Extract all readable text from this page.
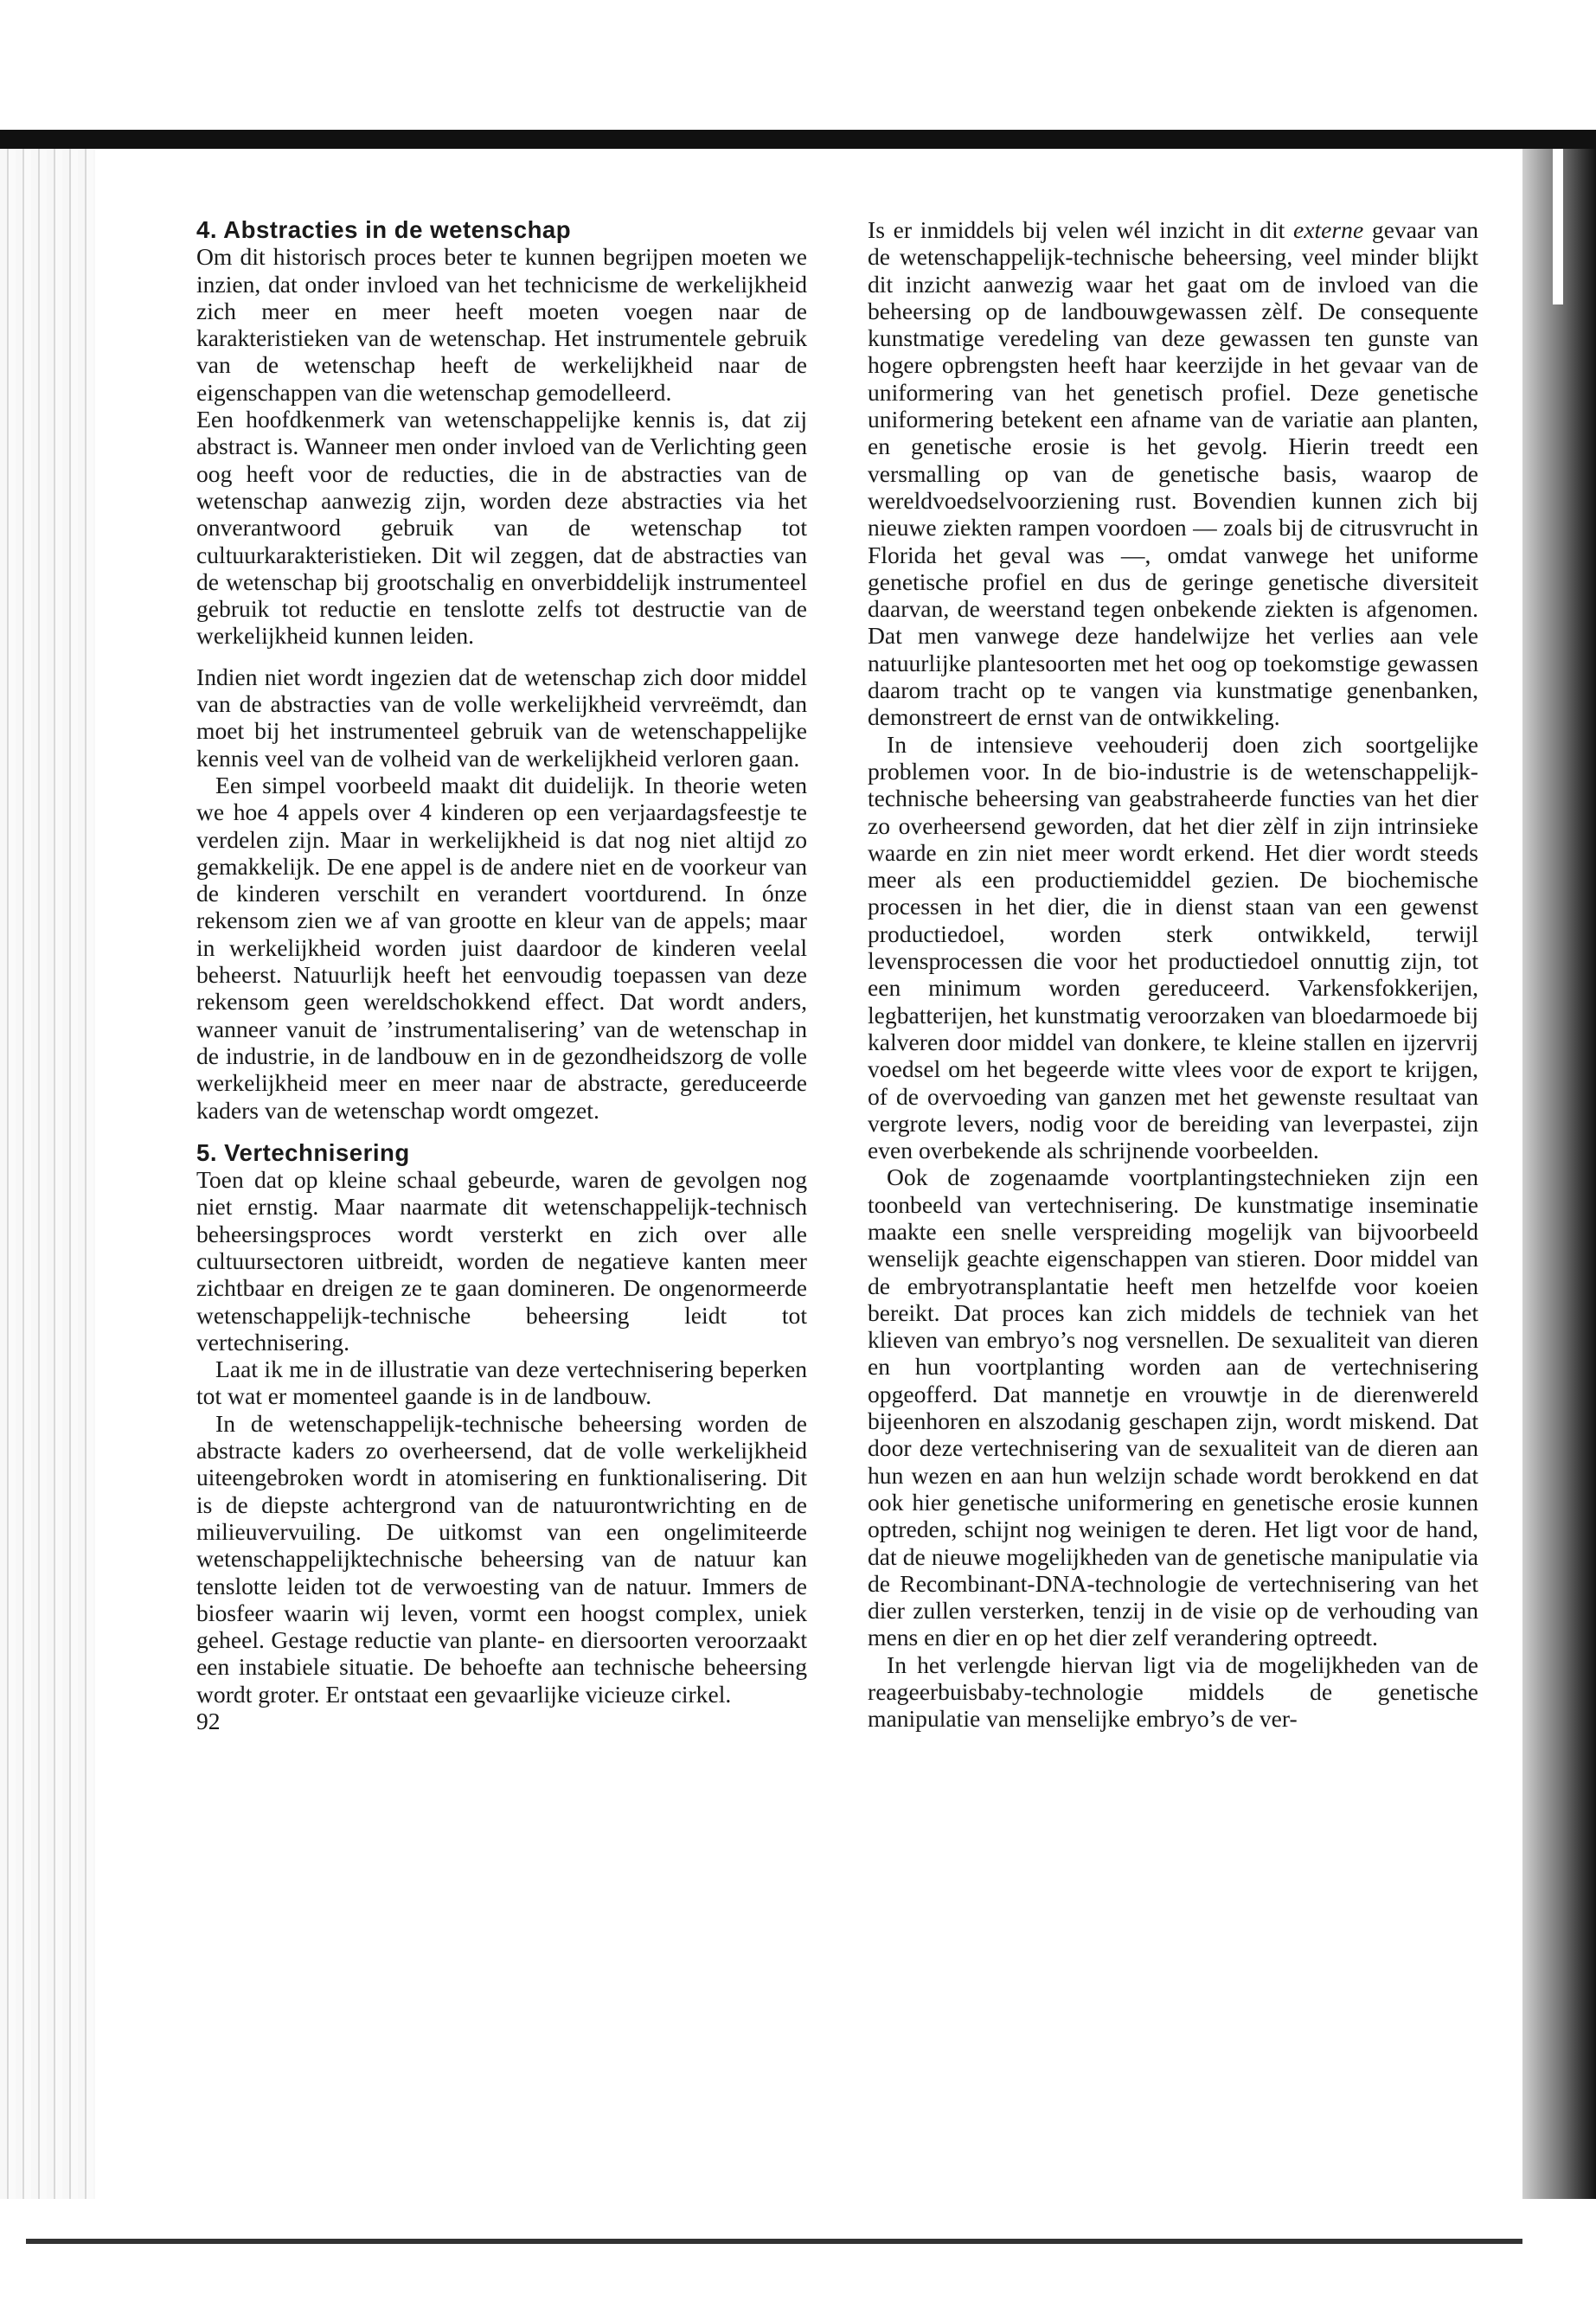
4. Abstracties in de wetenschap

Om dit historisch proces beter te kunnen begrijpen moeten we inzien, dat onder invloed van het technicisme de werkelijkheid zich meer en meer heeft moeten voegen naar de karakteristieken van de wetenschap. Het instrumentele gebruik van de wetenschap heeft de werkelijkheid naar de eigenschappen van die wetenschap gemodelleerd.

Een hoofdkenmerk van wetenschappelijke kennis is, dat zij abstract is. Wanneer men onder invloed van de Verlichting geen oog heeft voor de reducties, die in de abstracties van de wetenschap aanwezig zijn, worden deze abstracties via het onverantwoord gebruik van de wetenschap tot cultuurkarakteristieken. Dit wil zeggen, dat de abstracties van de wetenschap bij grootschalig en onverbiddelijk instrumenteel gebruik tot reductie en tenslotte zelfs tot destructie van de werkelijkheid kunnen leiden.

Indien niet wordt ingezien dat de wetenschap zich door middel van de abstracties van de volle werkelijkheid vervreëmdt, dan moet bij het instrumenteel gebruik van de wetenschappelijke kennis veel van de volheid van de werkelijkheid verloren gaan.

Een simpel voorbeeld maakt dit duidelijk. In theorie weten we hoe 4 appels over 4 kinderen op een verjaardagsfeestje te verdelen zijn. Maar in werkelijkheid is dat nog niet altijd zo gemakkelijk. De ene appel is de andere niet en de voorkeur van de kinderen verschilt en verandert voortdurend. In ónze rekensom zien we af van grootte en kleur van de appels; maar in werkelijkheid worden juist daardoor de kinderen veelal beheerst. Natuurlijk heeft het eenvoudig toepassen van deze rekensom geen wereldschokkend effect. Dat wordt anders, wanneer vanuit de ’instrumentalisering’ van de wetenschap in de industrie, in de landbouw en in de gezondheidszorg de volle werkelijkheid meer en meer naar de abstracte, gereduceerde kaders van de wetenschap wordt omgezet.

5. Vertechnisering

Toen dat op kleine schaal gebeurde, waren de gevolgen nog niet ernstig. Maar naarmate dit wetenschappelijk-technisch beheersingsproces wordt versterkt en zich over alle cultuursectoren uitbreidt, worden de negatieve kanten meer zichtbaar en dreigen ze te gaan domineren. De ongenormeerde wetenschappelijk-technische beheersing leidt tot vertechnisering.

Laat ik me in de illustratie van deze vertechnisering beperken tot wat er momenteel gaande is in de landbouw.

In de wetenschappelijk-technische beheersing worden de abstracte kaders zo overheersend, dat de volle werkelijkheid uiteengebroken wordt in atomisering en funktionalisering. Dit is de diepste achtergrond van de natuurontwrichting en de milieuvervuiling. De uitkomst van een ongelimiteerde wetenschappelijktechnische beheersing van de natuur kan tenslotte leiden tot de verwoesting van de natuur. Immers de biosfeer waarin wij leven, vormt een hoogst complex, uniek geheel. Gestage reductie van plante- en diersoorten veroorzaakt een instabiele situatie. De behoefte aan technische beheersing wordt groter. Er ontstaat een gevaarlijke vicieuze cirkel.

92

Is er inmiddels bij velen wél inzicht in dit externe gevaar van de wetenschappelijk-technische beheersing, veel minder blijkt dit inzicht aanwezig waar het gaat om de invloed van die beheersing op de landbouwgewassen zèlf. De consequente kunstmatige veredeling van deze gewassen ten gunste van hogere opbrengsten heeft haar keerzijde in het gevaar van de uniformering van het genetisch profiel. Deze genetische uniformering betekent een afname van de variatie aan planten, en genetische erosie is het gevolg. Hierin treedt een versmalling op van de genetische basis, waarop de wereldvoedselvoorziening rust. Bovendien kunnen zich bij nieuwe ziekten rampen voordoen — zoals bij de citrusvrucht in Florida het geval was —, omdat vanwege het uniforme genetische profiel en dus de geringe genetische diversiteit daarvan, de weerstand tegen onbekende ziekten is afgenomen. Dat men vanwege deze handelwijze het verlies aan vele natuurlijke plantesoorten met het oog op toekomstige gewassen daarom tracht op te vangen via kunstmatige genenbanken, demonstreert de ernst van de ontwikkeling.

In de intensieve veehouderij doen zich soortgelijke problemen voor. In de bio-industrie is de wetenschappelijk-technische beheersing van geabstraheerde functies van het dier zo overheersend geworden, dat het dier zèlf in zijn intrinsieke waarde en zin niet meer wordt erkend. Het dier wordt steeds meer als een productiemiddel gezien. De biochemische processen in het dier, die in dienst staan van een gewenst productiedoel, worden sterk ontwikkeld, terwijl levensprocessen die voor het productiedoel onnuttig zijn, tot een minimum worden gereduceerd. Varkensfokkerijen, legbatterijen, het kunstmatig veroorzaken van bloedarmoede bij kalveren door middel van donkere, te kleine stallen en ijzervrij voedsel om het begeerde witte vlees voor de export te krijgen, of de overvoeding van ganzen met het gewenste resultaat van vergrote levers, nodig voor de bereiding van leverpastei, zijn even overbekende als schrijnende voorbeelden.

Ook de zogenaamde voortplantingstechnieken zijn een toonbeeld van vertechnisering. De kunstmatige inseminatie maakte een snelle verspreiding mogelijk van bijvoorbeeld wenselijk geachte eigenschappen van stieren. Door middel van de embryotransplantatie heeft men hetzelfde voor koeien bereikt. Dat proces kan zich middels de techniek van het klieven van embryo’s nog versnellen. De sexualiteit van dieren en hun voortplanting worden aan de vertechnisering opgeofferd. Dat mannetje en vrouwtje in de dierenwereld bijeenhoren en alszodanig geschapen zijn, wordt miskend. Dat door deze vertechnisering van de sexualiteit van de dieren aan hun wezen en aan hun welzijn schade wordt berokkend en dat ook hier genetische uniformering en genetische erosie kunnen optreden, schijnt nog weinigen te deren. Het ligt voor de hand, dat de nieuwe mogelijkheden van de genetische manipulatie via de Recombinant-DNA-technologie de vertechnisering van het dier zullen versterken, tenzij in de visie op de verhouding van mens en dier en op het dier zelf verandering optreedt.

In het verlengde hiervan ligt via de mogelijkheden van de reageerbuisbaby-technologie middels de genetische manipulatie van menselijke embryo’s de ver-
